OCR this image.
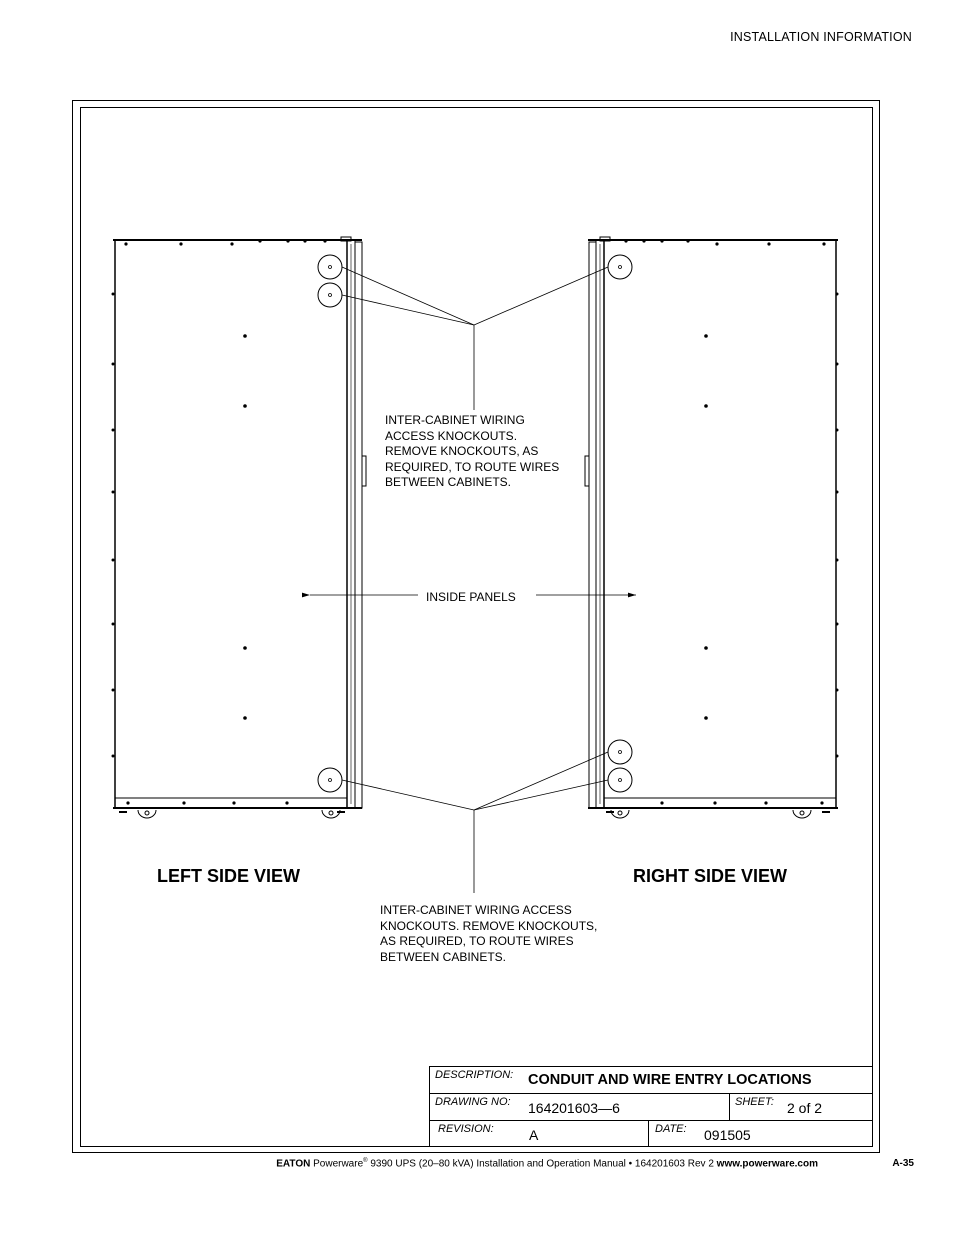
INSTALLATION INFORMATION
INTER-CABINET WIRING
ACCESS KNOCKOUTS.
REMOVE KNOCKOUTS, AS
REQUIRED, TO ROUTE WIRES
BETWEEN CABINETS.
INSIDE PANELS
INTER-CABINET WIRING ACCESS
KNOCKOUTS. REMOVE KNOCKOUTS,
AS REQUIRED, TO ROUTE WIRES
BETWEEN CABINETS.
LEFT SIDE VIEW	RIGHT SIDE VIEW
DESCRIPTION: CONDUIT AND WIRE ENTRY LOCATIONS
DRAWING NO: 164201603—6	SHEET: 2 of 2
REVISION:	A	DATE: 091505
EATON Powerware® 9390 UPS (20–80 kVA) Installation and Operation Manual • 164201603 Rev 2 www.powerware.com	A-35
